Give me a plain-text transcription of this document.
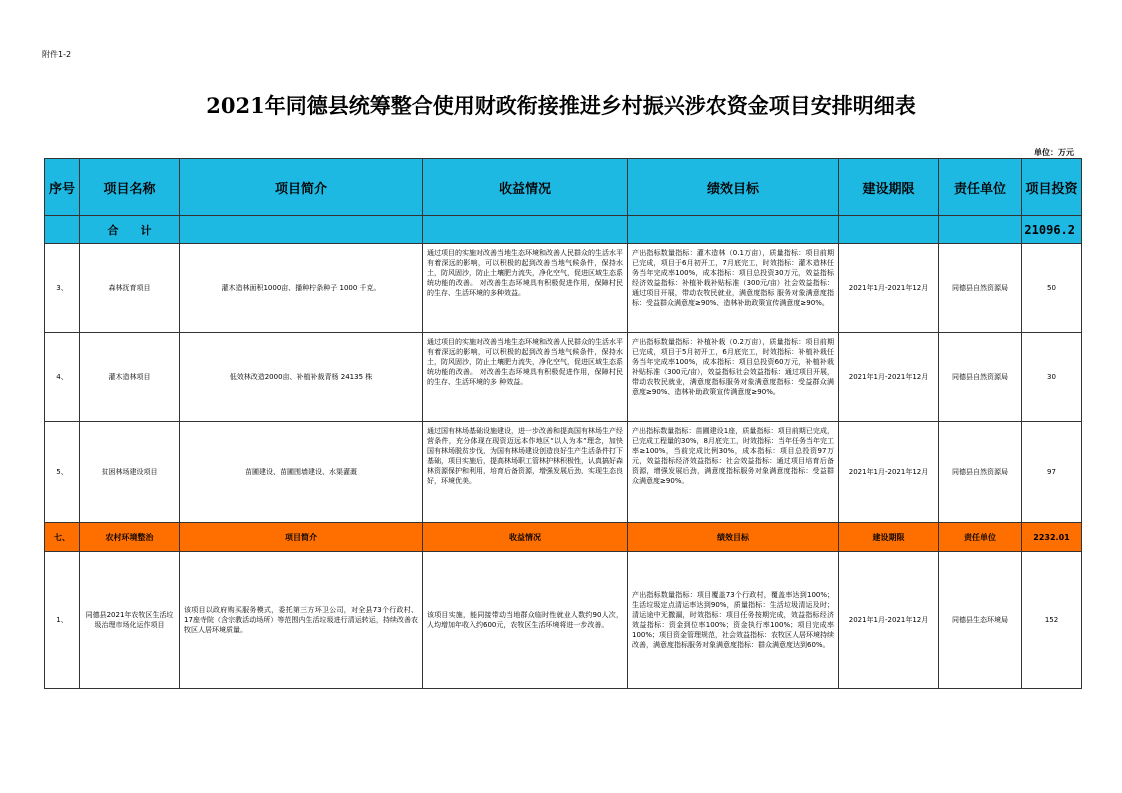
附件1-2
2021年同德县统筹整合使用财政衔接推进乡村振兴涉农资金项目安排明细表
单位：万元
序号	项目名称	项目简介	收益情况	绩效目标	建设期限	责任单位	项目投资
	合　　计						21096.2
3、	森林抚育项目	灌木造林面积1000亩、播种柠条种子 1000 千克。	通过项目的实施对改善当地生态环境和改善人民群众的生活水平有着深远的影响，可以积极的起到改善当地气候条件，保持水土，防风固沙，防止土壤肥力流失，净化空气，促进区域生态系统功能的改善。 对改善生态环境具有积极促进作用，保障村民的生存、生活环境的多种效益。	产出指标数量指标：灌木造林（0.1万亩），质量指标：项目前期已完成，项目于6月初开工，7月底完工，时效指标：灌木造林任务当年完成率100%，成本指标：项目总投资30万元，效益指标经济效益指标：补植补栽补贴标准（300元/亩）社会效益指标：通过项目开展，带动农牧民就业，满意度指标 服务对象满意度指标：受益群众满意度≥90%、造林补助政策宣传满意度≥90%。	2021年1月-2021年12月	同德县自然资源局	50
4、	灌木造林项目	低效林改造2000亩、补植补裁青杨 24135 株	通过项目的实施对改善当地生态环境和改善人民群众的生活水平有着深远的影响，可以积极的起到改善当地气候条件，保持水土，防风固沙，防止土壤肥力流失，净化空气，促进区域生态系统功能的改善。 对改善生态环境具有积极促进作用，保障村民的生存、生活环境的多 种效益。	产出指标数量指标：补植补栽（0.2万亩），质量指标：项目前期已完成，项目于5月初开工，6月底完工，时效指标：补植补栽任务当年完成率100%，成本指标：项目总投资60万元，补植补栽补贴标准（300元/亩），效益指标社会效益指标：通过项目开展，带动农牧民就业，满意度指标服务对象满意度指标：受益群众满意度≥90%、造林补助政策宣传满意度≥90%。	2021年1月-2021年12月	同德县自然资源局	30
5、	贫困林场建设项目	苗圃建设、苗圃围墙建设、水渠灌溉	通过国有林场基础设施建设，进一步改善和提高国有林场生产经营条件，充分体现在现资迈远本作地区“以人为本”理念，加快国有林场脱贫步伐，为国有林场建设创造良好生产生活条件打下基础，项目实施后，提高林场职工管林护林积极性，认真搞好森林资源保护和利用，培育后备资源，增强发展后劲，实现生态良好，环境优美。	产出指标数量指标：苗圃建设1座，质量指标：项目前期已完成，已完成工程量的30%，8月底完工，时效指标：当年任务当年完工率≥100%，当前完成比例30%，成本指标：项目总投资97万元，效益指标经济效益指标：社会效益指标：通过项目培育后备资源，增强发展后劲，满意度指标服务对象满意度指标：受益群众满意度≥90%。	2021年1月-2021年12月	同德县自然资源局	97
七、	农村环境整治	项目简介	收益情况	绩效目标	建设期限	责任单位	2232.01
1、	同德县2021年农牧区生活垃圾治理市场化运作项目	该项目以政府购买服务模式，委托第三方环卫公司，对全县73个行政村、17座寺院（含宗教活动场所）等范围内生活垃圾进行清运转运，持续改善农牧区人居环境质量。	该项目实施，能同接带动当地群众临时性就业人数约90人次，人均增加年收入约600元，农牧区生活环境将进一步改善。	产出指标数量指标：项目覆盖73个行政村，覆盖率达到100%；生活垃圾定点清运率达到90%，质量指标：生活垃圾清运及时；清运途中无撒漏，时效指标：项目任务按期完成，效益指标经济效益指标：资金到位率100%；资金执行率100%；项目完成率100%；项目资金管理规范，社会效益指标：农牧区人居环境持续改善，满意度指标服务对象满意度指标：群众满意度达到60%。	2021年1月-2021年12月	同德县生态环境局	152
